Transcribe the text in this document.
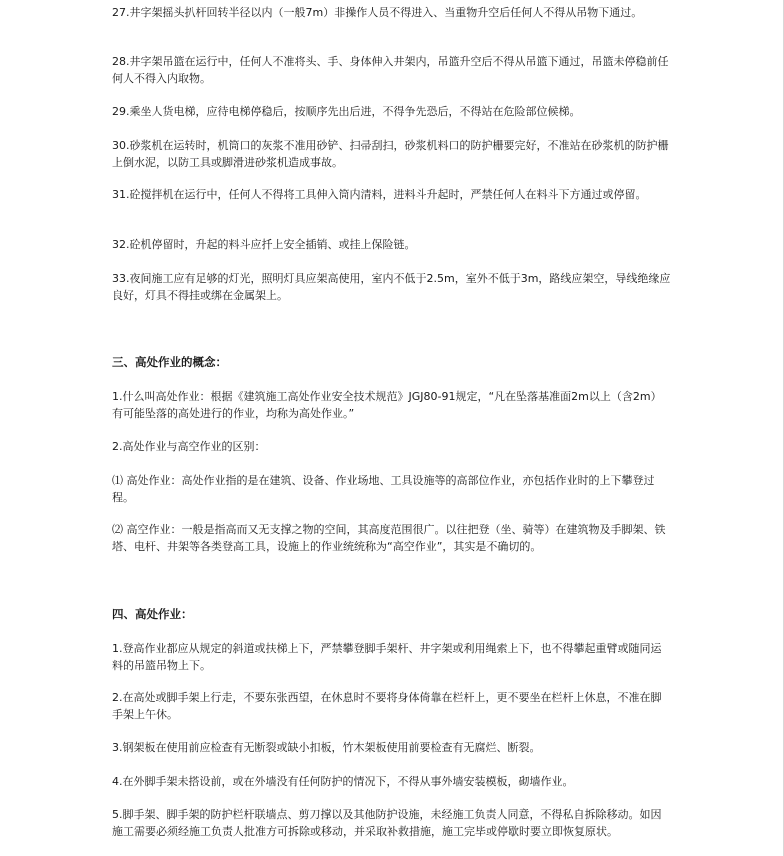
27.井字架摇头扒杆回转半径以内（一般7m）非操作人员不得进入、当重物升空后任何人不得从吊物下通过。

28.井字架吊篮在运行中，任何人不准将头、手、身体伸入井架内，吊篮升空后不得从吊篮下通过，吊篮未停稳前任何人不得入内取物。

29.乘坐人货电梯，应待电梯停稳后，按顺序先出后进，不得争先恐后，不得站在危险部位候梯。

30.砂浆机在运转时，机筒口的灰浆不准用砂铲、扫帚刮扫，砂浆机料口的防护栅要完好，不准站在砂浆机的防护栅上倒水泥，以防工具或脚滑进砂浆机造成事故。

31.砼搅拌机在运行中，任何人不得将工具伸入筒内清料，进料斗升起时，严禁任何人在料斗下方通过或停留。

32.砼机停留时，升起的料斗应扦上安全插销、或挂上保险链。

33.夜间施工应有足够的灯光，照明灯具应架高使用，室内不低于2.5m，室外不低于3m，路线应架空，导线绝缘应良好，灯具不得挂或绑在金属架上。

三、高处作业的概念：

1.什么叫高处作业：根据《建筑施工高处作业安全技术规范》JGJ80-91规定，“凡在坠落基准面2m以上（含2m）有可能坠落的高处进行的作业，均称为高处作业。”

2.高处作业与高空作业的区别：

⑴ 高处作业：高处作业指的是在建筑、设备、作业场地、工具设施等的高部位作业，亦包括作业时的上下攀登过程。

⑵ 高空作业：一般是指高而又无支撑之物的空间，其高度范围很广。以往把登（坐、骑等）在建筑物及手脚架、铁塔、电杆、井架等各类登高工具，设施上的作业统统称为“高空作业”，其实是不确切的。

四、高处作业：

1.登高作业都应从规定的斜道或扶梯上下，严禁攀登脚手架杆、井字架或利用绳索上下，也不得攀起重臂或随同运料的吊篮吊物上下。

2.在高处或脚手架上行走，不要东张西望，在休息时不要将身体倚靠在栏杆上，更不要坐在栏杆上休息，不准在脚手架上午休。

3.钢架板在使用前应检查有无断裂或缺小扣板，竹木架板使用前要检查有无腐烂、断裂。

4.在外脚手架未搭设前，或在外墙没有任何防护的情况下，不得从事外墙安装模板，砌墙作业。

5.脚手架、脚手架的防护栏杆联墙点、剪刀撑以及其他防护设施，未经施工负责人同意，不得私自拆除移动。如因施工需要必须经施工负责人批准方可拆除或移动，并采取补救措施，施工完毕或停歇时要立即恢复原状。
